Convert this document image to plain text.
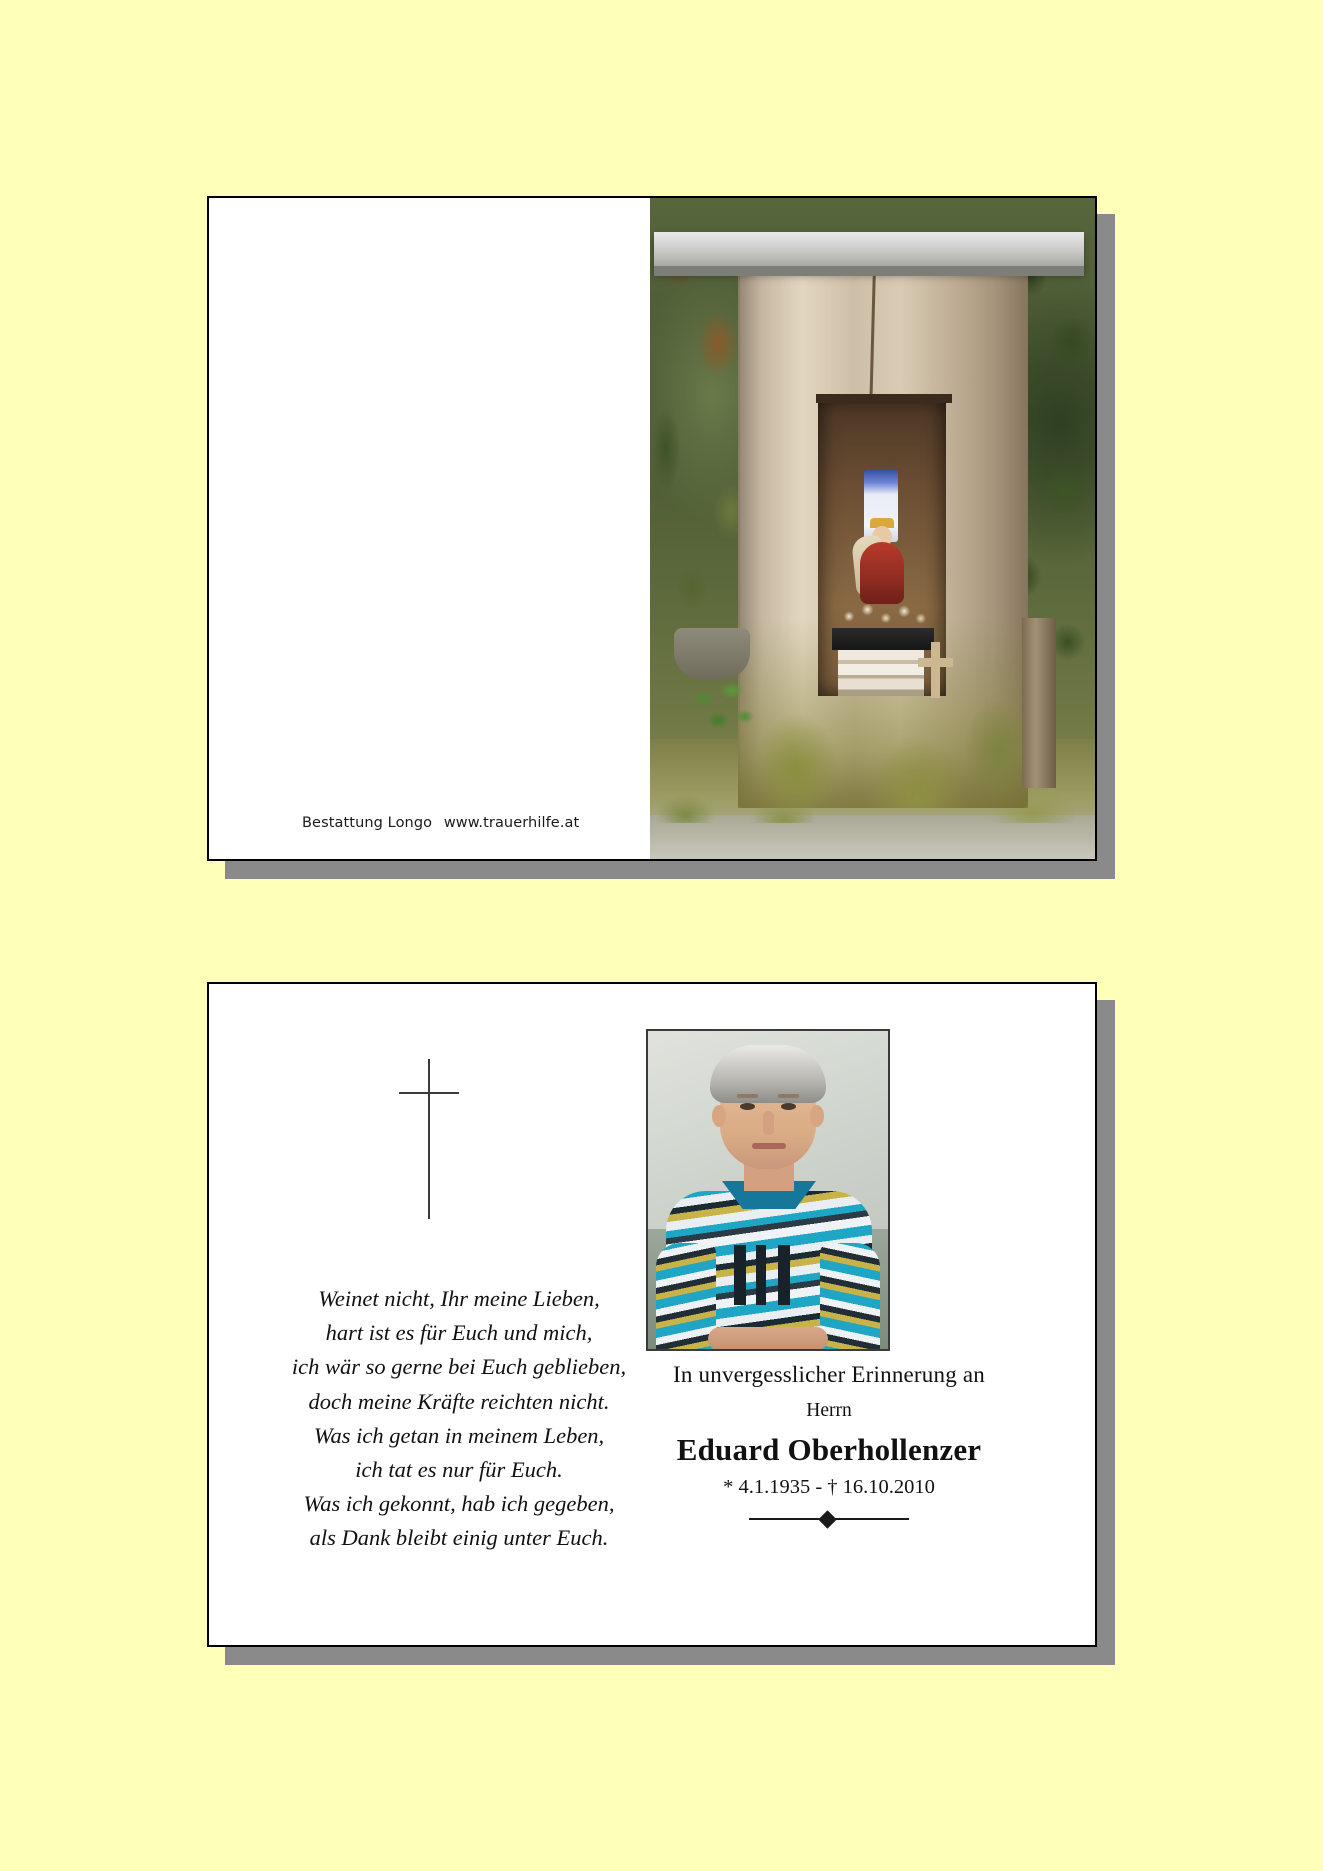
Bestattung Longo www.trauerhilfe.at
Weinet nicht, Ihr meine Lieben,
hart ist es für Euch und mich,
ich wär so gerne bei Euch geblieben,
doch meine Kräfte reichten nicht.
Was ich getan in meinem Leben,
ich tat es nur für Euch.
Was ich gekonnt, hab ich gegeben,
als Dank bleibt einig unter Euch.
In unvergesslicher Erinnerung an
Herrn
Eduard Oberhollenzer
* 4.1.1935 - † 16.10.2010
